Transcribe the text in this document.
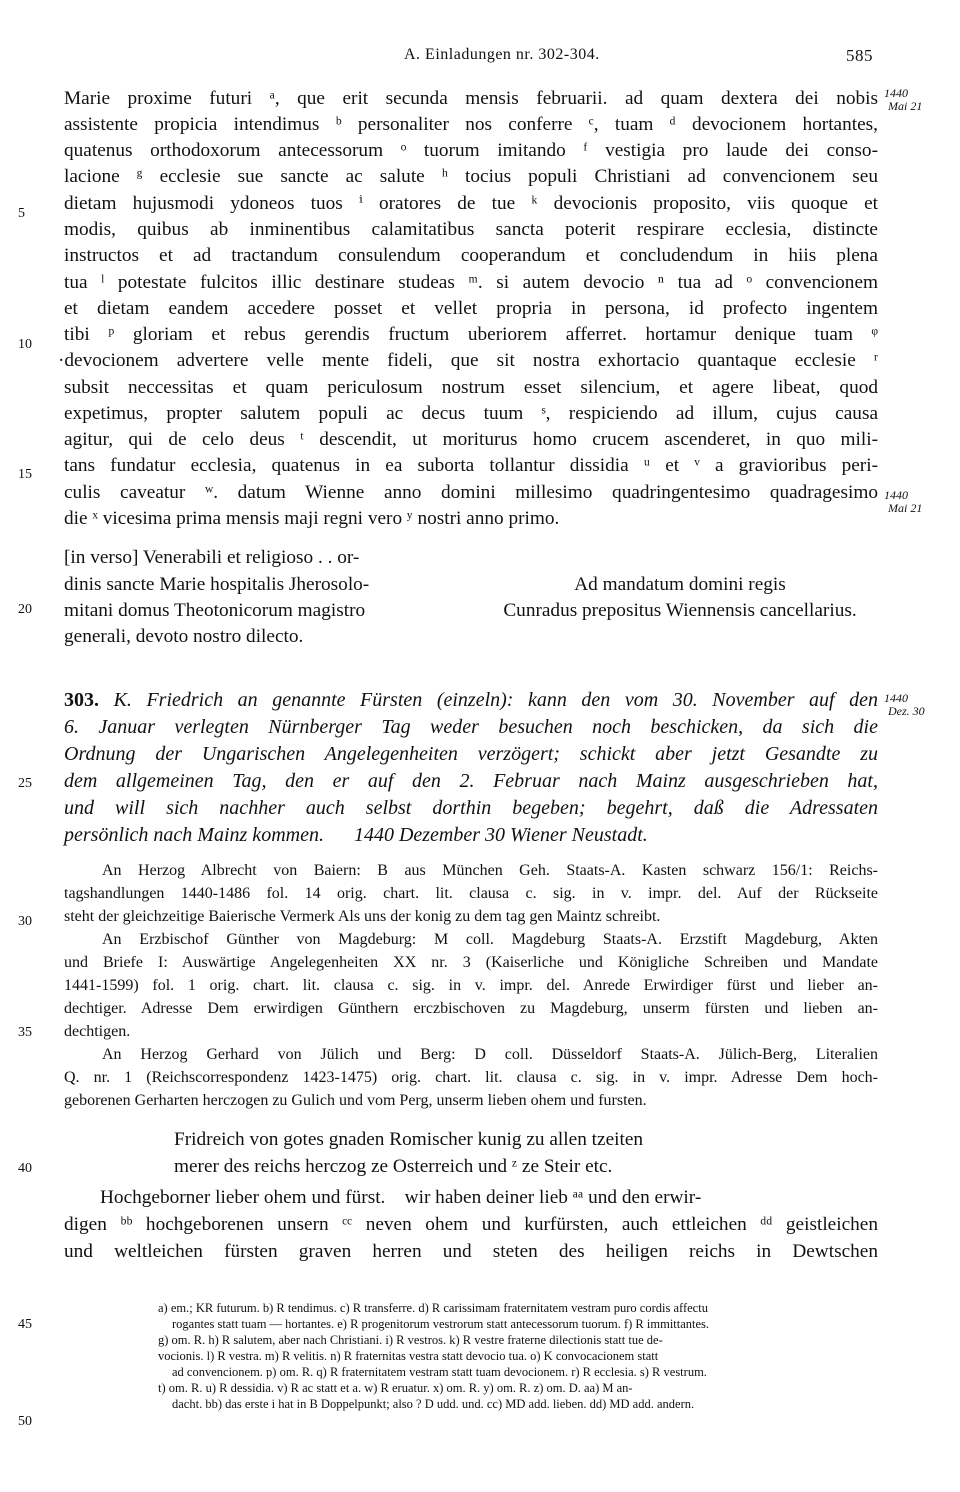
A. Einladungen nr. 302-304.	585
1440
Mai 21
1440
Mai 21
1440
Dez. 30
5
10
15
20
25
30
35
40
45
50
Marie proxime futuri ᵃ, que erit secunda mensis februarii. ad quam dextera dei nobis
assistente propicia intendimus ᵇ personaliter nos conferre ᶜ, tuam ᵈ devocionem hortantes,
quatenus orthodoxorum antecessorum ᵒ tuorum imitando ᶠ vestigia pro laude dei conso-
lacione ᵍ ecclesie sue sancte ac salute ʰ tocius populi Christiani ad convencionem seu
dietam hujusmodi ydoneos tuos ⁱ oratores de tue ᵏ devocionis proposito, viis quoque et
modis, quibus ab inminentibus calamitatibus sancta poterit respirare ecclesia, distincte
instructos et ad tractandum consulendum cooperandum et concludendum in hiis plena
tua ˡ potestate fulcitos illic destinare studeas ᵐ. si autem devocio ⁿ tua ad ᵒ convencionem
et dietam eandem accedere posset et vellet propria in persona, id profecto ingentem
tibi ᵖ gloriam et rebus gerendis fructum uberiorem afferret. hortamur denique tuam ᵠ
·devocionem advertere velle mente fideli, que sit nostra exhortacio quantaque ecclesie ʳ
subsit neccessitas et quam periculosum nostrum esset silencium, et agere libeat, quod
expetimus, propter salutem populi ac decus tuum ˢ, respiciendo ad illum, cujus causa
agitur, qui de celo deus ᵗ descendit, ut moriturus homo crucem ascenderet, in quo mili-
tans fundatur ecclesia, quatenus in ea suborta tollantur dissidia ᵘ et ᵛ a gravioribus peri-
culis caveatur ʷ. datum Wienne anno domini millesimo quadringentesimo quadragesimo
die ˣ vicesima prima mensis maji regni vero ʸ nostri anno primo.
[in verso] Venerabili et religioso . . or-
dinis sancte Marie hospitalis Jherosolo-
mitani domus Theotonicorum magistro
generali, devoto nostro dilecto.
Ad mandatum domini regis
Cunradus prepositus Wiennensis cancellarius.
303. K. Friedrich an genannte Fürsten (einzeln): kann den vom 30. November auf den
6. Januar verlegten Nürnberger Tag weder besuchen noch beschicken, da sich die
Ordnung der Ungarischen Angelegenheiten verzögert; schickt aber jetzt Gesandte zu
dem allgemeinen Tag, den er auf den 2. Februar nach Mainz ausgeschrieben hat,
und will sich nachher auch selbst dorthin begeben; begehrt, daß die Adressaten
persönlich nach Mainz kommen.      1440 Dezember 30 Wiener Neustadt.
An Herzog Albrecht von Baiern: B aus München Geh. Staats-A. Kasten schwarz 156/1: Reichs-
tagshandlungen 1440-1486 fol. 14 orig. chart. lit. clausa c. sig. in v. impr. del. Auf der Rückseite
steht der gleichzeitige Baierische Vermerk Als uns der konig zu dem tag gen Maintz schreibt.
An Erzbischof Günther von Magdeburg: M coll. Magdeburg Staats-A. Erzstift Magdeburg, Akten
und Briefe I: Auswärtige Angelegenheiten XX nr. 3 (Kaiserliche und Königliche Schreiben und Mandate
1441-1599) fol. 1 orig. chart. lit. clausa c. sig. in v. impr. del. Anrede Erwirdiger fürst und lieber an-
dechtiger. Adresse Dem erwirdigen Günthern erczbischoven zu Magdeburg, unserm fürsten und lieben an-
dechtigen.
An Herzog Gerhard von Jülich und Berg: D coll. Düsseldorf Staats-A. Jülich-Berg, Literalien
Q. nr. 1 (Reichscorrespondenz 1423-1475) orig. chart. lit. clausa c. sig. in v. impr. Adresse Dem hoch-
geborenen Gerharten herczogen zu Gulich und vom Perg, unserm lieben ohem und fursten.
Fridreich von gotes gnaden Romischer kunig zu allen tzeiten
merer des reichs herczog ze Osterreich und ᶻ ze Steir etc.
Hochgeborner lieber ohem und fürst.    wir haben deiner lieb ᵃᵃ und den erwir-
digen ᵇᵇ hochgeborenen unsern ᶜᶜ neven ohem und kurfürsten, auch ettleichen ᵈᵈ geistleichen
und weltleichen fürsten graven herren und steten des heiligen reichs in Dewtschen
a) em.; KR futurum. b) R tendimus. c) R transferre. d) R carissimam fraternitatem vestram puro cordis affectu
rogantes statt tuam — hortantes. e) R progenitorum vestrorum statt antecessorum tuorum. f) R immittantes.
g) om. R. h) R salutem, aber nach Christiani. i) R vestros. k) R vestre fraterne dilectionis statt tue de-
vocionis. l) R vestra. m) R velitis. n) R fraternitas vestra statt devocio tua. o) K convocacionem statt
ad convencionem. p) om. R. q) R fraternitatem vestram statt tuam devocionem. r) R ecclesia. s) R vestrum.
t) om. R. u) R dessidia. v) R ac statt et a. w) R eruatur. x) om. R. y) om. R. z) om. D. aa) M an-
dacht. bb) das erste i hat in B Doppelpunkt; also ? D udd. und. cc) MD add. lieben. dd) MD add. andern.
